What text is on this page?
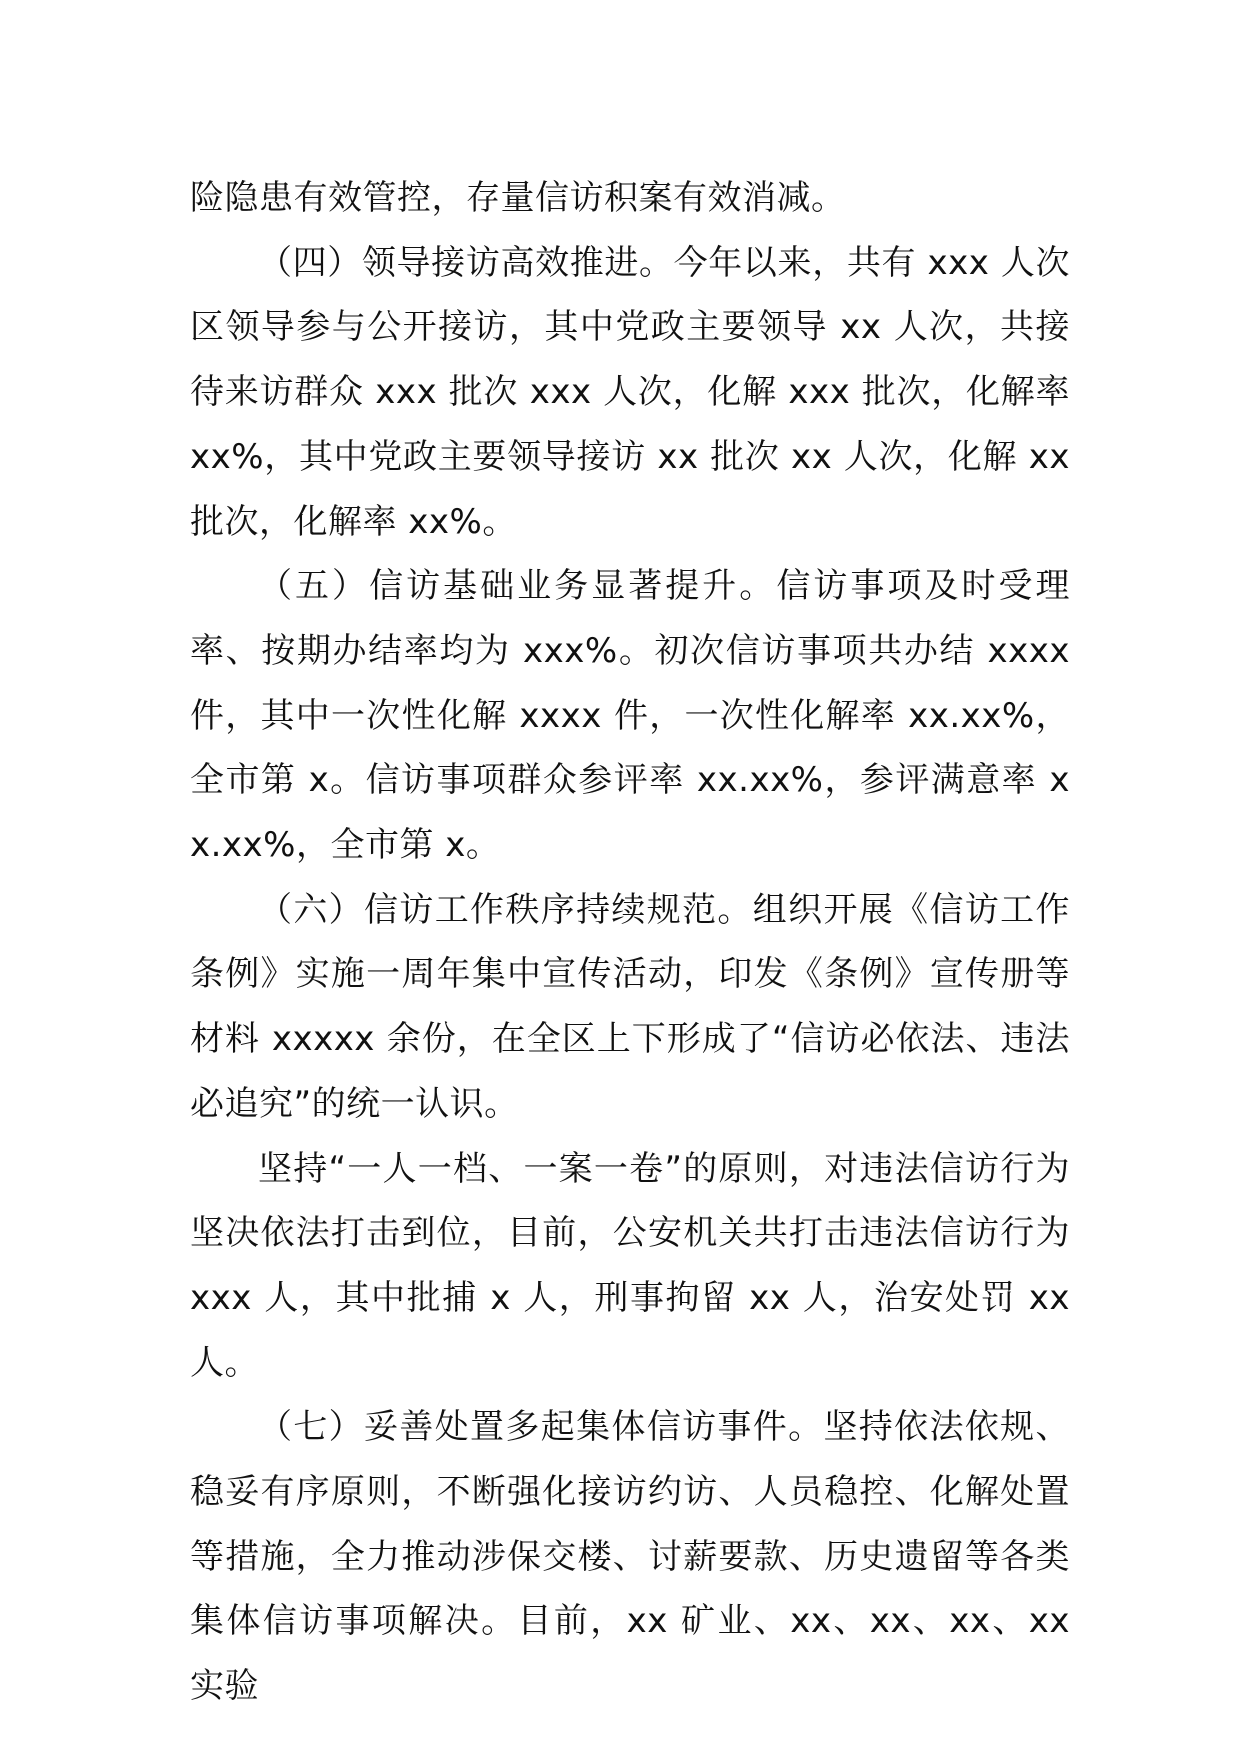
险隐患有效管控，存量信访积案有效消减。

（四）领导接访高效推进。今年以来，共有 xxx 人次区领导参与公开接访，其中党政主要领导 xx 人次，共接待来访群众 xxx 批次 xxx 人次，化解 xxx 批次，化解率 xx%，其中党政主要领导接访 xx 批次 xx 人次，化解 xx 批次，化解率 xx%。

（五）信访基础业务显著提升。信访事项及时受理率、按期办结率均为 xxx%。初次信访事项共办结 xxxx 件，其中一次性化解 xxxx 件，一次性化解率 xx.xx%，全市第 x。信访事项群众参评率 xx.xx%，参评满意率 xx.xx%，全市第 x。

（六）信访工作秩序持续规范。组织开展《信访工作条例》实施一周年集中宣传活动，印发《条例》宣传册等材料 xxxxx 余份，在全区上下形成了“信访必依法、违法必追究”的统一认识。

坚持“一人一档、一案一卷”的原则，对违法信访行为坚决依法打击到位，目前，公安机关共打击违法信访行为 xxx 人，其中批捕 x 人，刑事拘留 xx 人，治安处罚 xx 人。

（七）妥善处置多起集体信访事件。坚持依法依规、稳妥有序原则，不断强化接访约访、人员稳控、化解处置等措施，全力推动涉保交楼、讨薪要款、历史遗留等各类集体信访事项解决。目前，xx 矿业、xx、xx、xx、xx 实验
